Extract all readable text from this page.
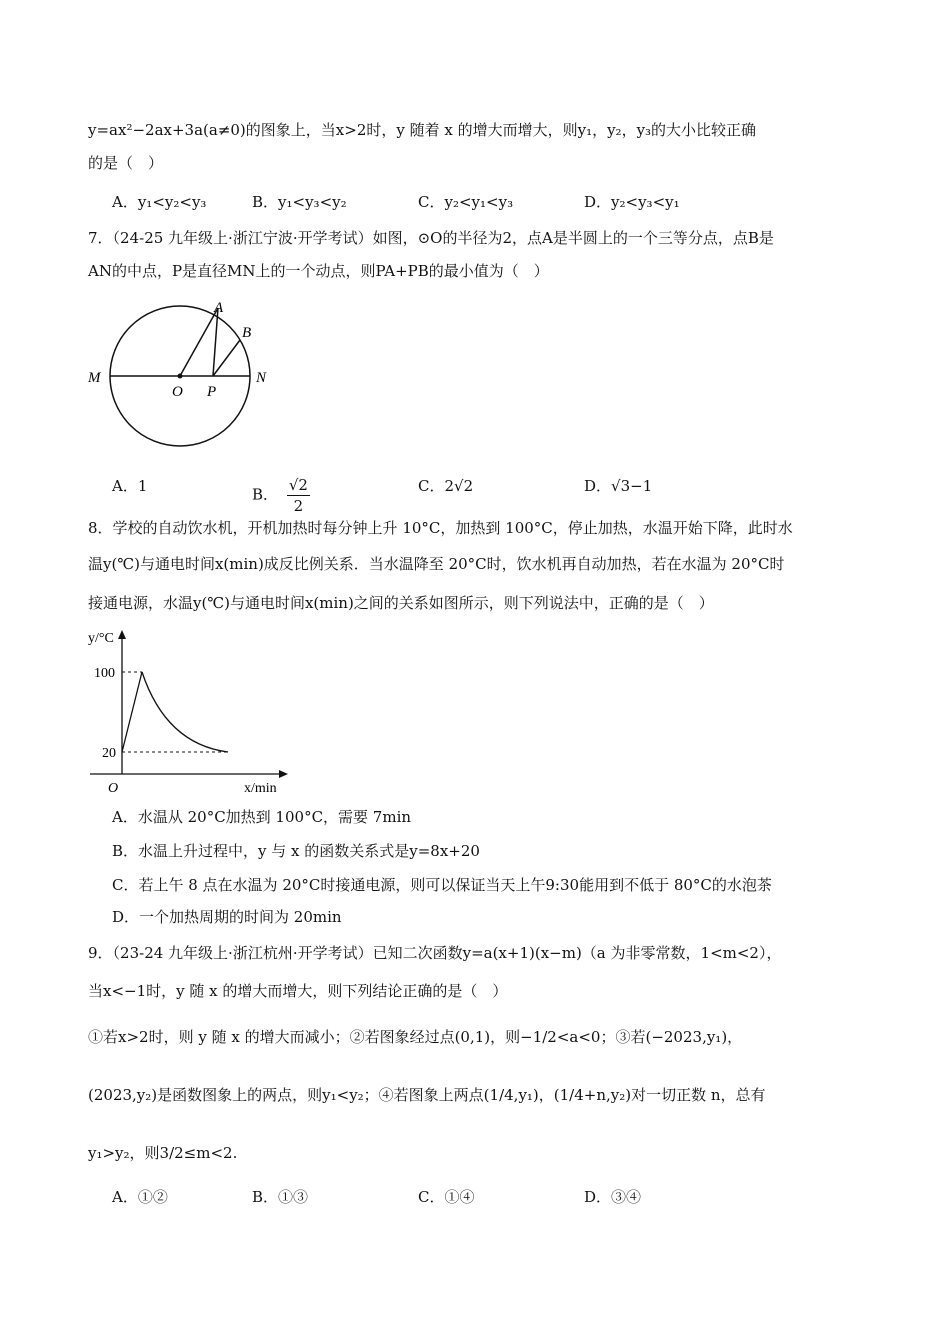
y=ax²−2ax+3a(a≠0)的图象上，当x>2时，y 随着 x 的增大而增大，则y₁，y₂，y₃的大小比较正确
的是（　）
A．y₁<y₂<y₃	B．y₁<y₃<y₂	C．y₂<y₁<y₃	D．y₂<y₃<y₁
7．（24-25 九年级上·浙江宁波·开学考试）如图，⊙O的半径为2，点A是半圆上的一个三等分点，点B是
AN的中点，P是直径MN上的一个动点，则PA+PB的最小值为（　）
A
B
M	N
O P
A．1	B． $\frac{√2}{2}$	C．2√2	D．√3−1
8．学校的自动饮水机，开机加热时每分钟上升 10°C，加热到 100°C，停止加热，水温开始下降，此时水
温y(℃)与通电时间x(min)成反比例关系．当水温降至 20°C时，饮水机再自动加热，若在水温为 20°C时
接通电源，水温y(℃)与通电时间x(min)之间的关系如图所示，则下列说法中，正确的是（　）
y/°C
100
20
O	x/min
A．水温从 20°C加热到 100°C，需要 7min
B．水温上升过程中，y 与 x 的函数关系式是y=8x+20
C．若上午 8 点在水温为 20°C时接通电源，则可以保证当天上午9:30能用到不低于 80°C的水泡茶
D．一个加热周期的时间为 20min
9．（23-24 九年级上·浙江杭州·开学考试）已知二次函数y=a(x+1)(x−m)（a 为非零常数，1<m<2），
当x<−1时，y 随 x 的增大而增大，则下列结论正确的是（　）
①若x>2时，则 y 随 x 的增大而减小；②若图象经过点(0,1)，则−1/2<a<0；③若(−2023,y₁)，
(2023,y₂)是函数图象上的两点，则y₁<y₂；④若图象上两点(1/4,y₁)，(1/4+n,y₂)对一切正数 n，总有
y₁>y₂，则3/2≤m<2.
A．①②	B．①③	C．①④	D．③④
